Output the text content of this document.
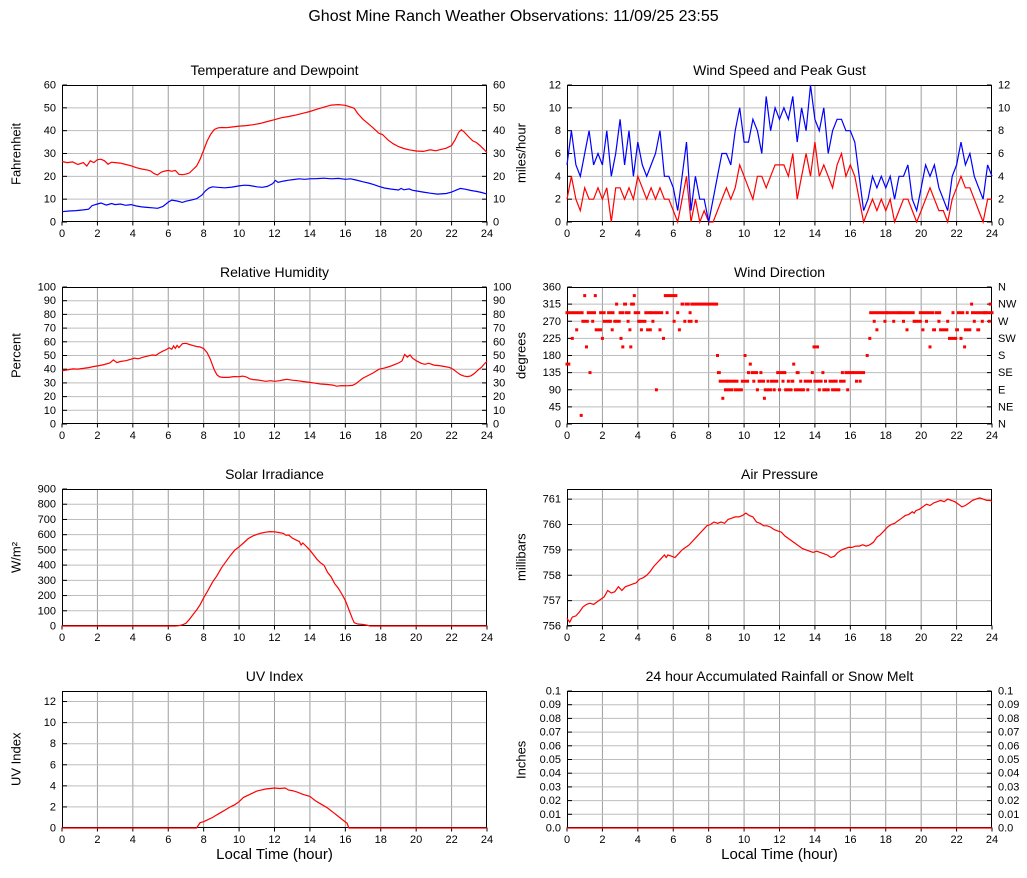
Ghost Mine Ranch Weather Observations: 11/09/25 23:55
Temperature and Dewpoint
Fahrenheit
0	0
10	10
20	20
30	30
40	40
50	50
60	60
0	2	4	6	8 10 12 14 16 18 20 22 24
Wind Speed and Peak Gust
miles/hour
0	0
2	2
4	4
6	6
8	8
10	10
12	12
0	2	4	6	8 10 12 14 16 18 20 22 24
Relative Humidity
Percent
0	0
10	10
20	20
30	30
40	40
50	50
60	60
70	70
80	80
90	90
100	100
0	2	4	6	8 10 12 14 16 18 20 22 24
Wind Direction
degrees
0	N
45	NE
90	E
135	SE
180	S
225	SW
270	W
315	NW
360	N
0	2	4	6	8 10 12 14 16 18 20 22 24
Solar Irradiance
W/m²
0
100
200
300
400
500
600
700
800
900
0	2	4	6	8 10 12 14 16 18 20 22 24
Air Pressure
millibars
756
757
758
759
760
761
0	2	4	6	8 10 12 14 16 18 20 22 24
UV Index
UV Index
0
2
4
6
8
10
12
0	2	4	6	8 10 12 14 16 18 20 22 24
Local Time (hour)
24 hour Accumulated Rainfall or Snow Melt
Inches
0.0	0.0
0.01	0.01
0.02	0.02
0.03	0.03
0.04	0.04
0.05	0.05
0.06	0.06
0.07	0.07
0.08	0.08
0.09	0.09
0.1	0.1
0	2	4	6	8 10 12 14 16 18 20 22 24
Local Time (hour)
